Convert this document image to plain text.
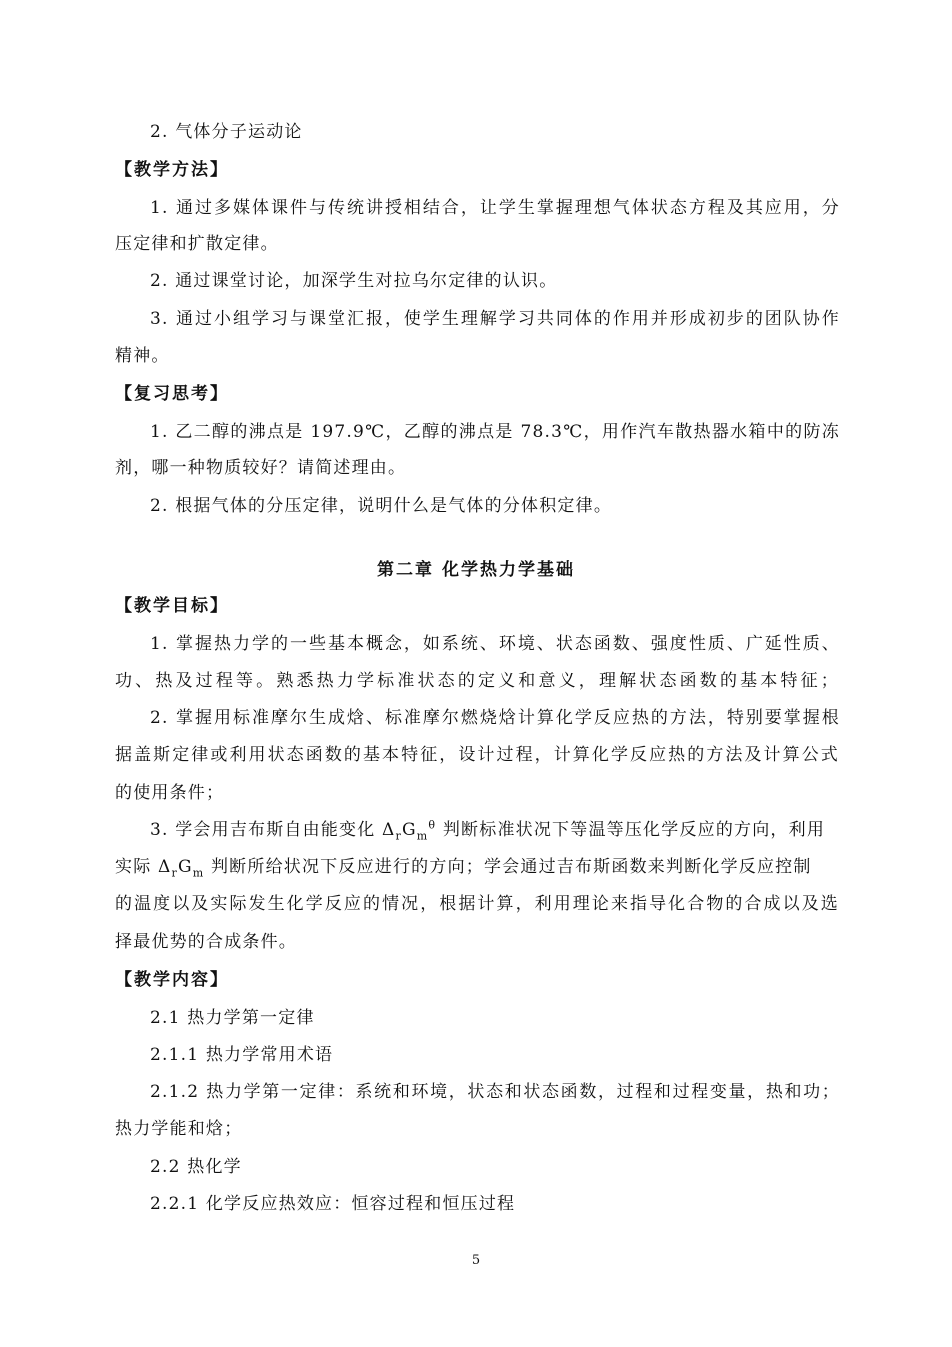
2. 气体分子运动论
【教学方法】
1. 通过多媒体课件与传统讲授相结合，让学生掌握理想气体状态方程及其应用，分
压定律和扩散定律。
2. 通过课堂讨论，加深学生对拉乌尔定律的认识。
3. 通过小组学习与课堂汇报，使学生理解学习共同体的作用并形成初步的团队协作
精神。
【复习思考】
1. 乙二醇的沸点是 197.9℃，乙醇的沸点是 78.3℃，用作汽车散热器水箱中的防冻
剂，哪一种物质较好？请简述理由。
2. 根据气体的分压定律，说明什么是气体的分体积定律。
第二章 化学热力学基础
【教学目标】
1. 掌握热力学的一些基本概念，如系统、环境、状态函数、强度性质、广延性质、
功、热及过程等。熟悉热力学标准状态的定义和意义，理解状态函数的基本特征；
2. 掌握用标准摩尔生成焓、标准摩尔燃烧焓计算化学反应热的方法，特别要掌握根
据盖斯定律或利用状态函数的基本特征，设计过程，计算化学反应热的方法及计算公式
的使用条件；
3. 学会用吉布斯自由能变化 $\Delta_rG_m^\theta$ 判断标准状况下等温等压化学反应的方向，利用
实际 $\Delta_rG_m$ 判断所给状况下反应进行的方向；学会通过吉布斯函数来判断化学反应控制
的温度以及实际发生化学反应的情况，根据计算，利用理论来指导化合物的合成以及选
择最优势的合成条件。
【教学内容】
2.1 热力学第一定律
2.1.1 热力学常用术语
2.1.2 热力学第一定律：系统和环境，状态和状态函数，过程和过程变量，热和功；
热力学能和焓；
2.2 热化学
2.2.1 化学反应热效应：恒容过程和恒压过程
5
